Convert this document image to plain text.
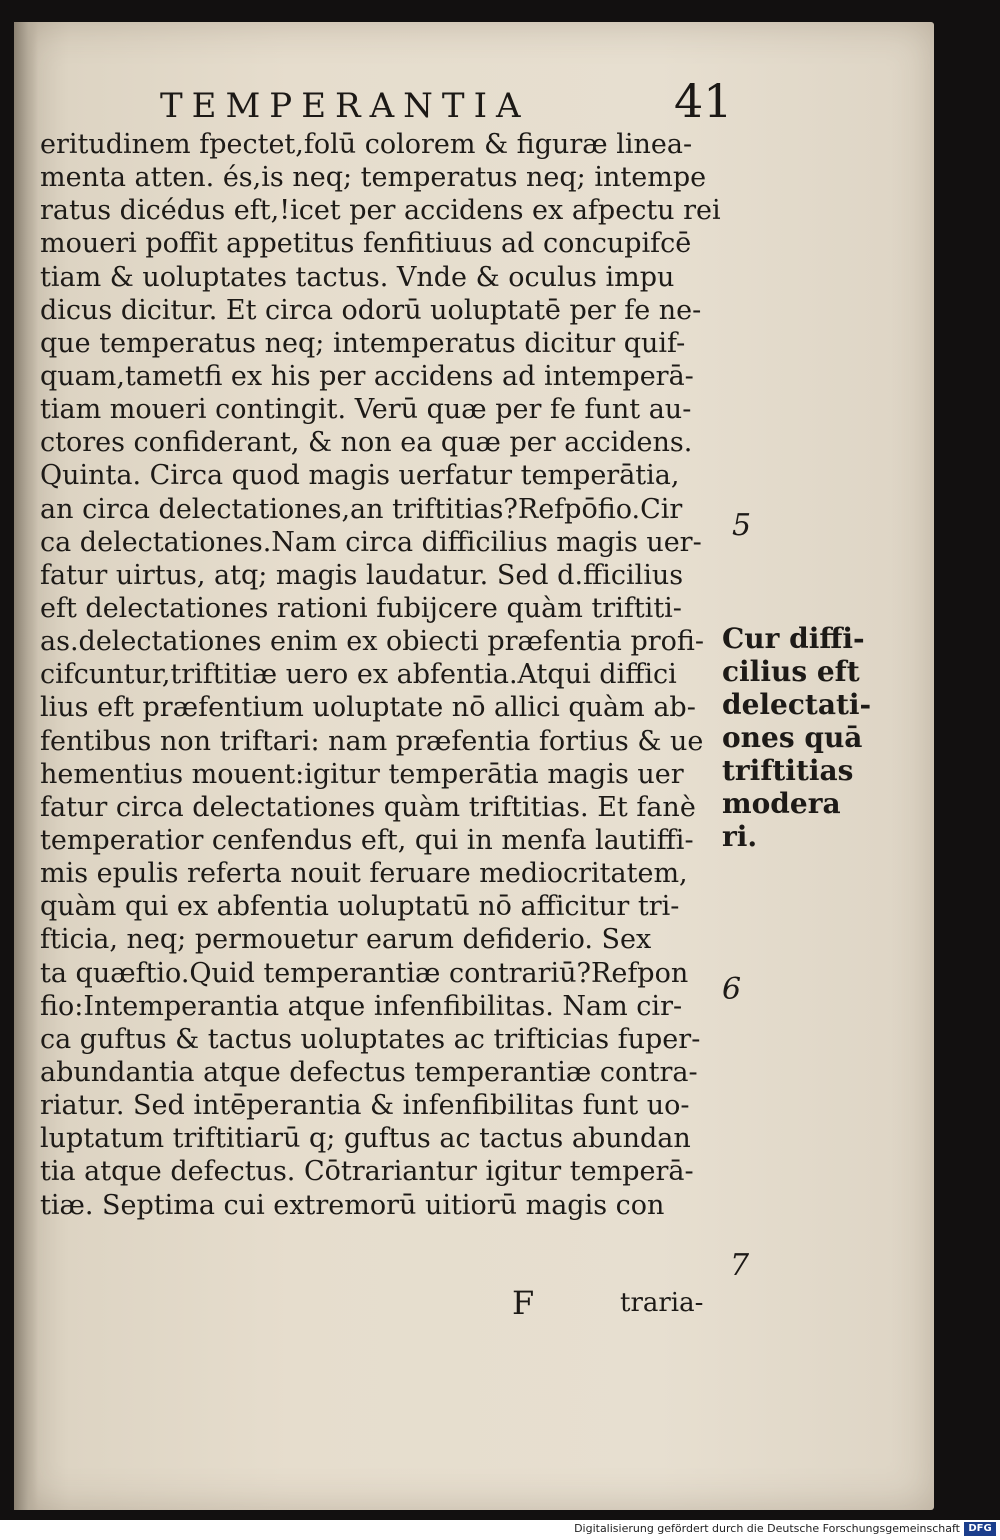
TEMPERANTIA	41
eritudinem fpectet,folū colorem & figuræ linea-
menta atten. és,is neq; temperatus neq; intempe
ratus dicédus eft,!icet per accidens ex afpectu rei
moueri poffit appetitus fenfitiuus ad concupifcē
tiam & uoluptates tactus. Vnde & oculus impu
dicus dicitur. Et circa odorū uoluptatē per fe ne-
que temperatus neq; intemperatus dicitur quif-
quam,tametfi ex his per accidens ad intemperā-
tiam moueri contingit. Verū quæ per fe funt au-
ctores confiderant, & non ea quæ per accidens.
Quinta. Circa quod magis uerfatur temperātia,
an circa delectationes,an triftitias?Refpōfio.Cir
ca delectationes.Nam circa difficilius magis uer-
fatur uirtus, atq; magis laudatur. Sed d.fficilius
eft delectationes rationi fubijcere quàm triftiti-
as.delectationes enim ex obiecti præfentia profi-
cifcuntur,triftitiæ uero ex abfentia.Atqui diffici
lius eft præfentium uoluptate nō allici quàm ab-
fentibus non triftari: nam præfentia fortius & ue
hementius mouent:igitur temperātia magis uer
fatur circa delectationes quàm triftitias. Et fanè
temperatior cenfendus eft, qui in menfa lautiffi-
mis epulis referta nouit feruare mediocritatem,
quàm qui ex abfentia uoluptatū nō afficitur tri-
fticia, neq; permouetur earum defiderio. Sex
ta quæftio.Quid temperantiæ contrariū?Refpon
fio:Intemperantia atque infenfibilitas. Nam cir-
ca guftus & tactus uoluptates ac trifticias fuper-
abundantia atque defectus temperantiæ contra-
riatur. Sed intēperantia & infenfibilitas funt uo-
luptatum triftitiarū q; guftus ac tactus abundan
tia atque defectus. Cōtrariantur igitur temperā-
tiæ. Septima cui extremorū uitiorū magis con
5
6
7
Cur diffi-
cilius eft
delectati-
ones quā
triftitias
modera
ri.
F	traria-
Digitalisierung gefördert durch die Deutsche Forschungsgemeinschaft DFG
